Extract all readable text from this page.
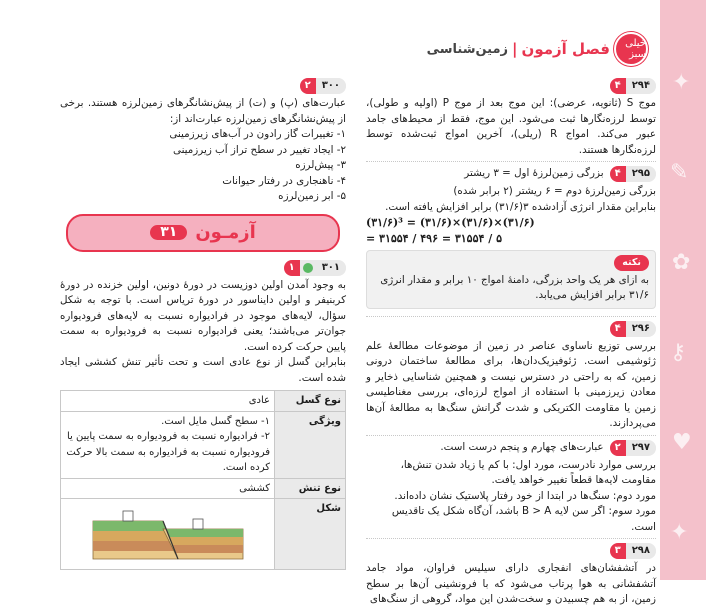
✦
✎
✿
⚷
♥
✦
خیلی سبز
فصل آزمون
|
زمین‌شناسی
۲۹۴
۴
موج S (ثانویه، عرضی): این موج بعد از موج P (اولیه و طولی)، توسط لرزه‌نگارها ثبت می‌شود. این موج، فقط از محیط‌های جامد عبور می‌کند. امواج R (ریلی)، آخرین امواج ثبت‌شده توسط لرزه‌نگارها هستند.
۲۹۵
۴
بزرگی زمین‌لرزهٔ اول = ۳ ریشتر
بزرگی زمین‌لرزهٔ دوم = ۶ ریشتر (۲ برابر شده)
بنابراین مقدار انرژی آزادشده ۳(۳۱/۶) برابر افزایش یافته است.
(۳۱/۶)³ = (۳۱/۶)×(۳۱/۶)×(۳۱/۶)
= ۳۱۵۵۴ / ۴۹۶ = ۳۱۵۵۴ / ۵
نکته
به ازای هر یک واحد بزرگی، دامنهٔ امواج ۱۰ برابر و مقدار انرژی ۳۱/۶ برابر افزایش می‌یابد.
۲۹۶
۴
بررسی توزیع ناساوی عناصر در زمین از موضوعات مطالعهٔ علم ژئوشیمی است. ژئوفیزیک‌دان‌ها، برای مطالعهٔ ساختمان درونی زمین، که به راحتی در دسترس نیست و همچنین شناسایی ذخایر و معادن زیرزمینی با استفاده از امواج لرزه‌ای، بررسی مغناطیسی زمین یا مقاومت الکتریکی و شدت گرانش سنگ‌ها به مطالعهٔ آن‌ها می‌پردازند.
۲۹۷
۲
عبارت‌های چهارم و پنجم درست است.
بررسی موارد نادرست، مورد اول: با کم یا زیاد شدن تنش‌ها، مقاومت لایه‌ها قطعاً تغییر خواهد یافت.
مورد دوم: سنگ‌ها در ابتدا از خود رفتار پلاستیک نشان داده‌اند.
مورد سوم: اگر سن لایه B > A باشد، آن‌گاه شکل یک تاقدیس است.
۲۹۸
۳
در آتشفشان‌های انفجاری دارای سیلیس فراوان، مواد جامد آتشفشانی به هوا پرتاب می‌شود که با فرونشینی آن‌ها بر سطح زمین، از به هم چسبیدن و سخت‌شدن این مواد، گروهی از سنگ‌های
۳۰۰
۲
عبارت‌های (پ) و (ت) از پیش‌نشانگرهای زمین‌لرزه هستند. برخی از پیش‌نشانگرهای زمین‌لرزه عبارت‌اند از:
۱- تغییرات گاز رادون در آب‌های زیرزمینی
۲- ایجاد تغییر در سطح تراز آب زیرزمینی
۳- پیش‌لرزه
۴- ناهنجاری در رفتار حیوانات
۵- ابر زمین‌لرزه
آزمـون
۳۱
۳۰۱
۱
به وجود آمدن اولین دوزیست در دورهٔ دونین، اولین خزنده در دورهٔ کربنیفر و اولین دایناسور در دورهٔ تریاس است. با توجه به شکل سؤال، لایه‌های موجود در فرادیواره نسبت به لایه‌های فرودیواره جوان‌تر می‌باشند؛ یعنی فرادیواره نسبت به فرودیواره به سمت پایین حرکت کرده است.
بنابراین گسل از نوع عادی است و تحت تأثیر تنش کششی ایجاد شده است.
نوع گسل	عادی
ویژگی	۱- سطح گسل مایل است.
۲- فرادیواره نسبت به فرودیواره به سمت پایین یا فرودیواره نسبت به فرادیواره به سمت بالا حرکت کرده است.

نوع تنش	کششی
شکل	
